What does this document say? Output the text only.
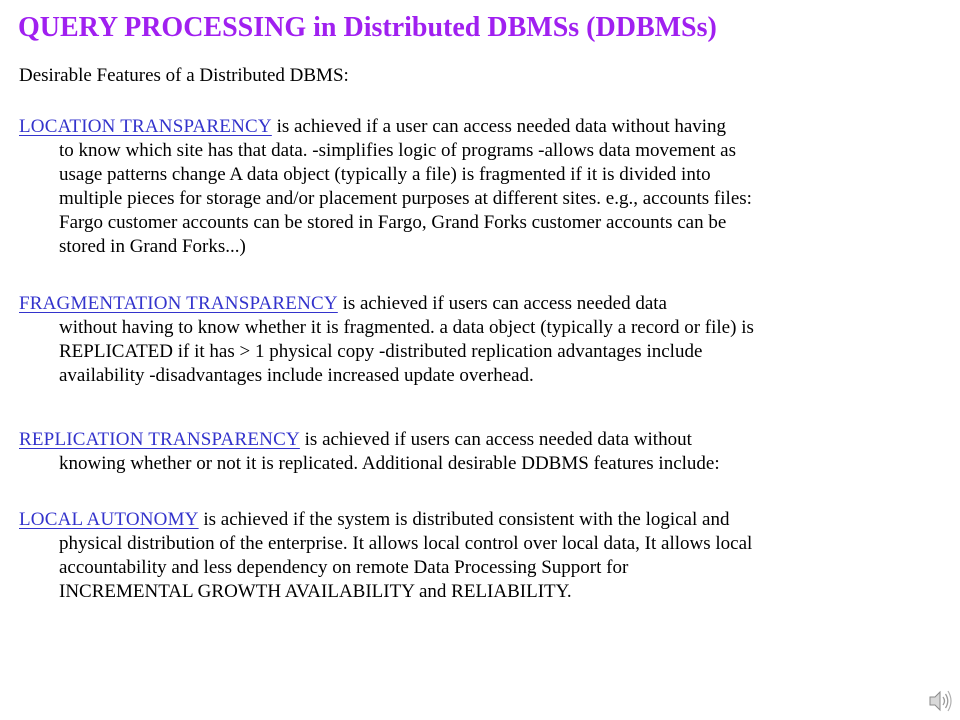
QUERY PROCESSING in Distributed DBMSs (DDBMSs)

Desirable Features of a Distributed DBMS:

LOCATION TRANSPARENCY is achieved if a user can access needed data without having
to know which site has that data. -simplifies logic of programs -allows data movement as
usage patterns change A data object (typically a file) is fragmented if it is divided into
multiple pieces for storage and/or placement purposes at different sites. e.g., accounts files:
Fargo customer accounts can be stored in Fargo, Grand Forks customer accounts can be
stored in Grand Forks...)
FRAGMENTATION TRANSPARENCY is achieved if users can access needed data
without having to know whether it is fragmented. a data object (typically a record or file) is
REPLICATED if it has > 1 physical copy -distributed replication advantages include
availability -disadvantages include increased update overhead.
REPLICATION TRANSPARENCY is achieved if users can access needed data without
knowing whether or not it is replicated. Additional desirable DDBMS features include:
LOCAL AUTONOMY is achieved if the system is distributed consistent with the logical and
physical distribution of the enterprise. It allows local control over local data, It allows local
accountability and less dependency on remote Data Processing Support for
INCREMENTAL GROWTH AVAILABILITY and RELIABILITY.
